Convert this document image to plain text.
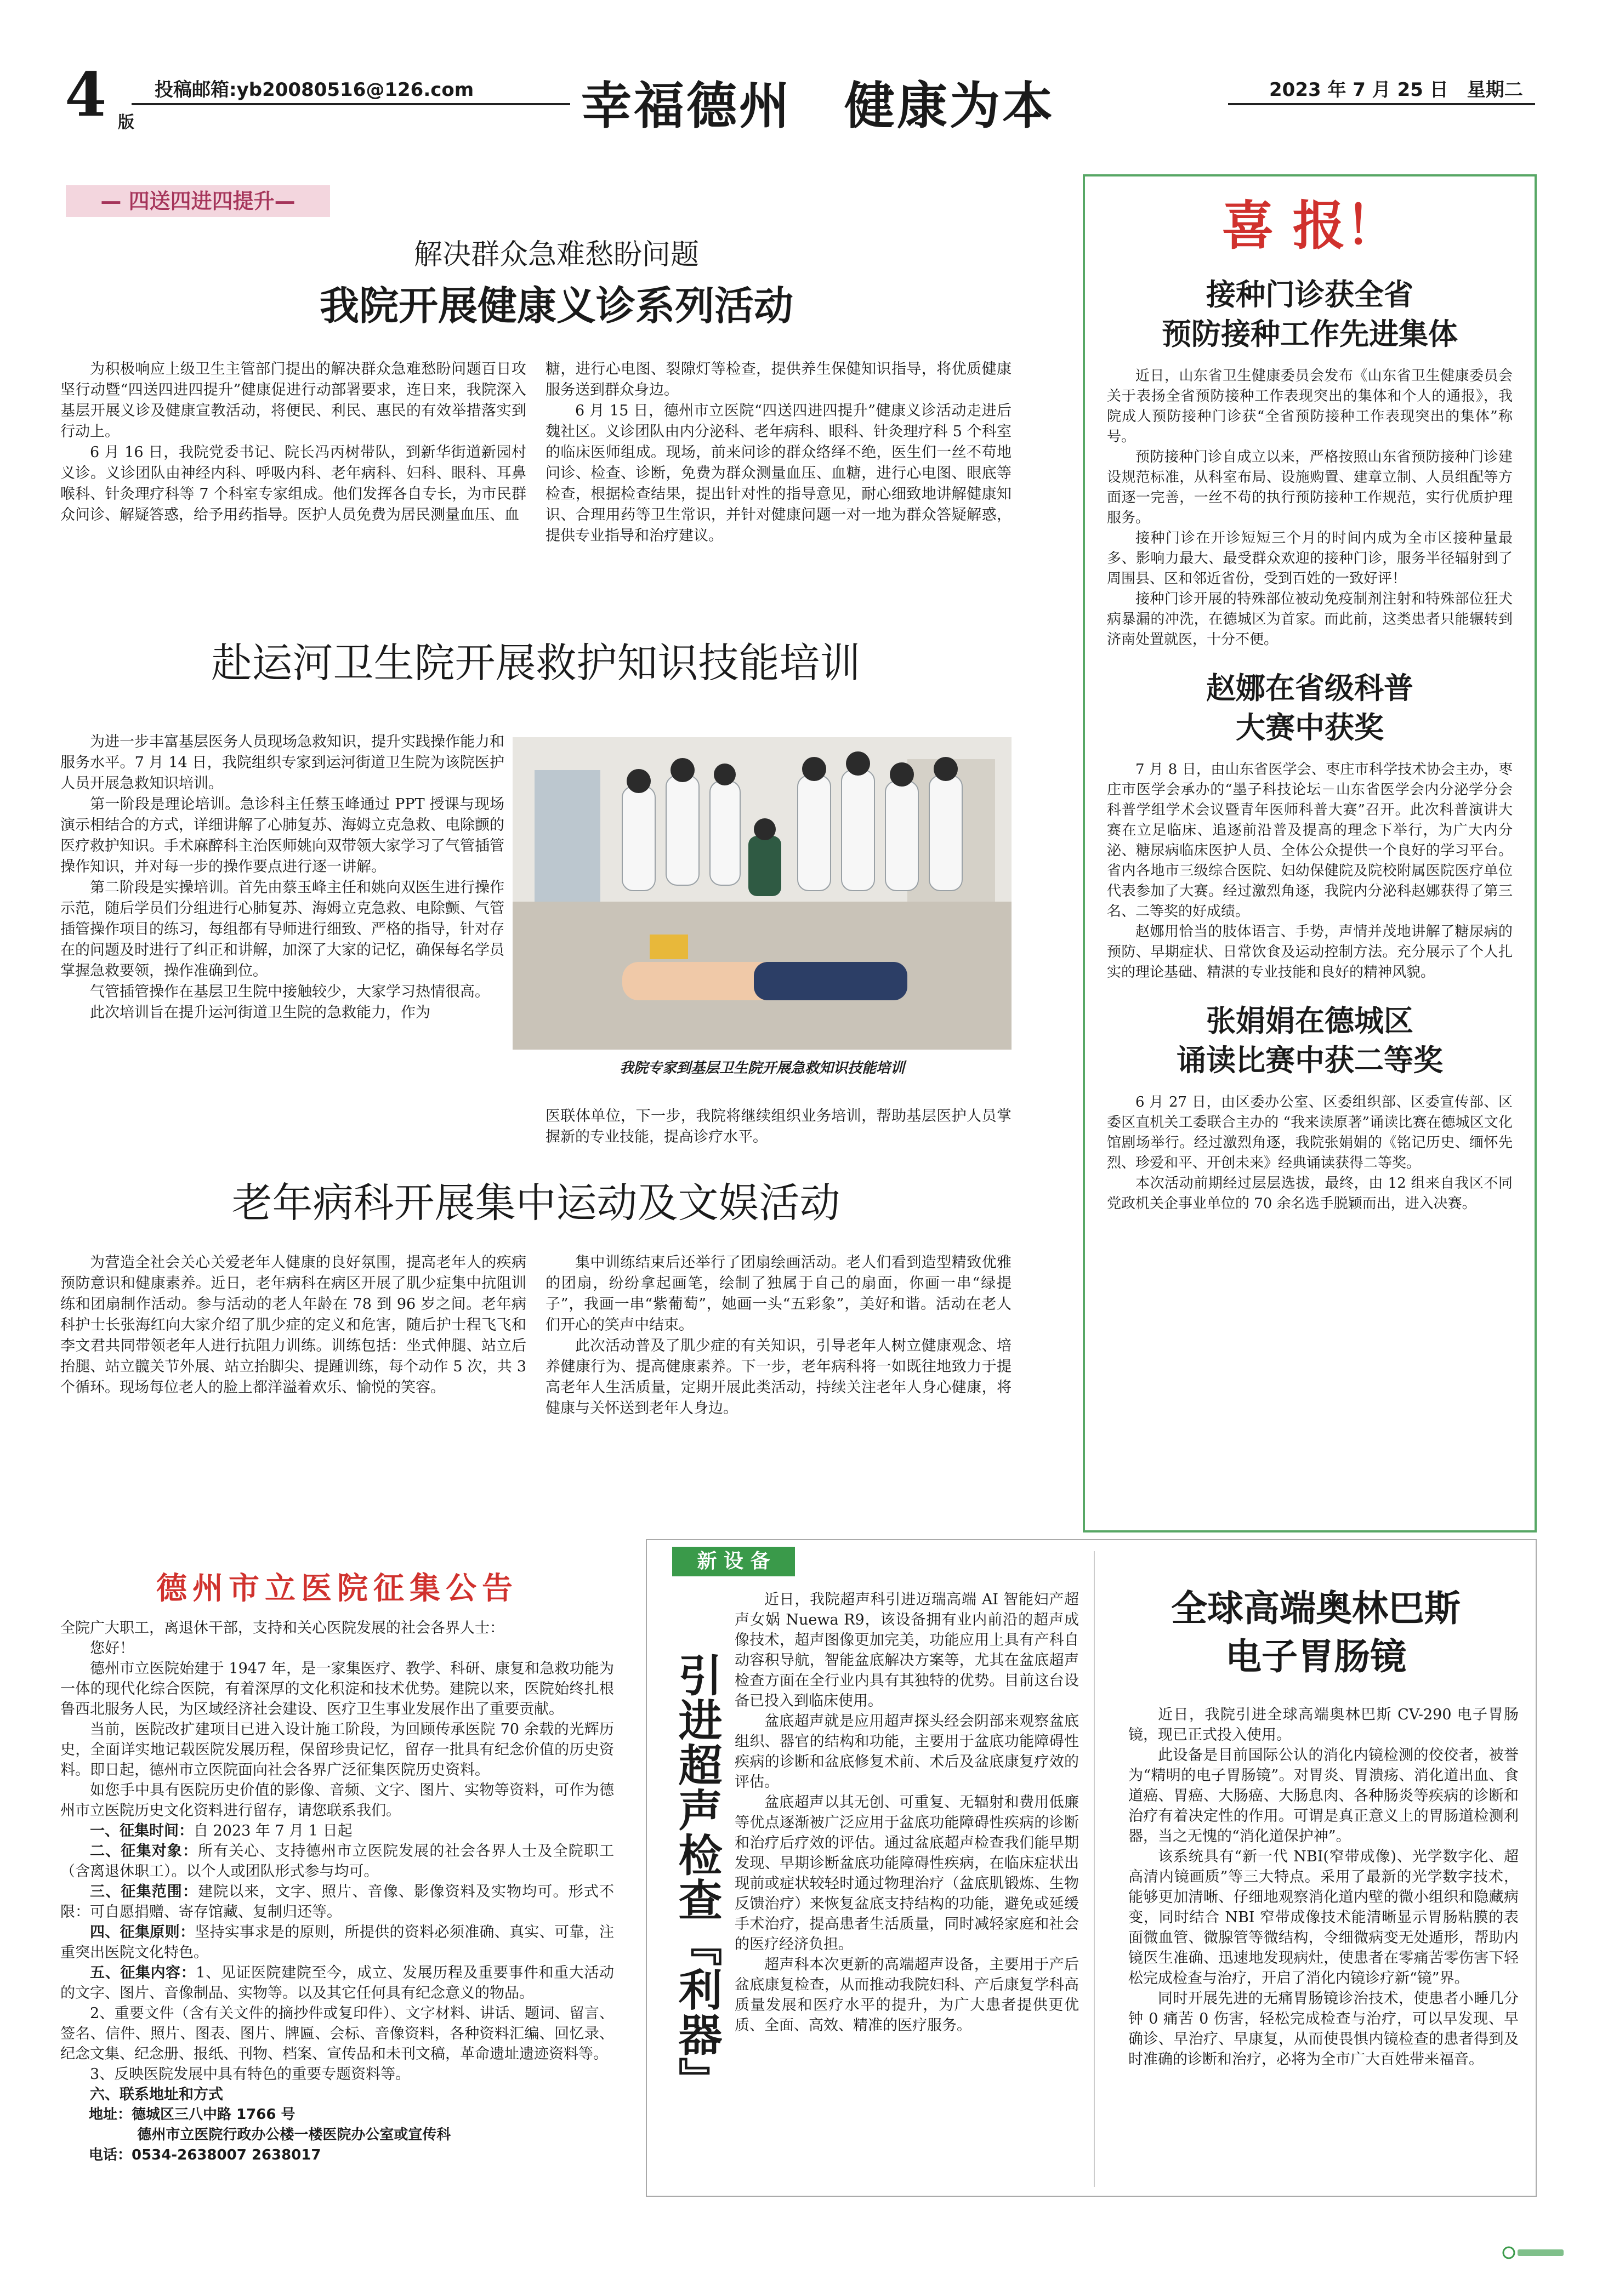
4 版
投稿邮箱:yb20080516@126.com 幸福德州　健康为本	2023 年 7 月 25 日　星期二
— 四送四进四提升—
解决群众急难愁盼问题
我院开展健康义诊系列活动

为积极响应上级卫生主管部门提出的解决群众急难愁盼问题百日攻坚行动暨“四送四进四提升”健康促进行动部署要求，连日来，我院深入基层开展义诊及健康宣教活动，将便民、利民、惠民的有效举措落实到行动上。

6 月 16 日，我院党委书记、院长冯丙树带队，到新华街道新园村义诊。义诊团队由神经内科、呼吸内科、老年病科、妇科、眼科、耳鼻喉科、针灸理疗科等 7 个科室专家组成。他们发挥各自专长，为市民群众问诊、解疑答惑，给予用药指导。医护人员免费为居民测量血压、血

糖，进行心电图、裂隙灯等检查，提供养生保健知识指导，将优质健康服务送到群众身边。

6 月 15 日，德州市立医院“四送四进四提升”健康义诊活动走进后魏社区。义诊团队由内分泌科、老年病科、眼科、针灸理疗科 5 个科室的临床医师组成。现场，前来问诊的群众络绎不绝，医生们一丝不苟地问诊、检查、诊断，免费为群众测量血压、血糖，进行心电图、眼底等检查，根据检查结果，提出针对性的指导意见，耐心细致地讲解健康知识、合理用药等卫生常识，并针对健康问题一对一地为群众答疑解惑，提供专业指导和治疗建议。

赴运河卫生院开展救护知识技能培训

为进一步丰富基层医务人员现场急救知识，提升实践操作能力和服务水平。7 月 14 日，我院组织专家到运河街道卫生院为该院医护人员开展急救知识培训。

第一阶段是理论培训。急诊科主任蔡玉峰通过 PPT 授课与现场演示相结合的方式，详细讲解了心肺复苏、海姆立克急救、电除颤的医疗救护知识。手术麻醉科主治医师姚向双带领大家学习了气管插管操作知识，并对每一步的操作要点进行逐一讲解。

第二阶段是实操培训。首先由蔡玉峰主任和姚向双医生进行操作示范，随后学员们分组进行心肺复苏、海姆立克急救、电除颤、气管插管操作项目的练习，每组都有导师进行细致、严格的指导，针对存在的问题及时进行了纠正和讲解，加深了大家的记忆，确保每名学员掌握急救要领，操作准确到位。

气管插管操作在基层卫生院中接触较少，大家学习热情很高。

此次培训旨在提升运河街道卫生院的急救能力，作为

我院专家到基层卫生院开展急救知识技能培训

医联体单位，下一步，我院将继续组织业务培训，帮助基层医护人员掌握新的专业技能，提高诊疗水平。

老年病科开展集中运动及文娱活动

为营造全社会关心关爱老年人健康的良好氛围，提高老年人的疾病预防意识和健康素养。近日，老年病科在病区开展了肌少症集中抗阻训练和团扇制作活动。参与活动的老人年龄在 78 到 96 岁之间。老年病科护士长张海红向大家介绍了肌少症的定义和危害，随后护士程飞飞和李文君共同带领老年人进行抗阻力训练。训练包括：坐式伸腿、站立后抬腿、站立髋关节外展、站立抬脚尖、提踵训练，每个动作 5 次，共 3 个循环。现场每位老人的脸上都洋溢着欢乐、愉悦的笑容。

集中训练结束后还举行了团扇绘画活动。老人们看到造型精致优雅的团扇，纷纷拿起画笔，绘制了独属于自己的扇面，你画一串“绿提子”，我画一串“紫葡萄”，她画一头“五彩象”，美好和谐。活动在老人们开心的笑声中结束。

此次活动普及了肌少症的有关知识，引导老年人树立健康观念、培养健康行为、提高健康素养。下一步，老年病科将一如既往地致力于提高老年人生活质量，定期开展此类活动，持续关注老年人身心健康，将健康与关怀送到老年人身边。

喜 报！
接种门诊获全省
预防接种工作先进集体

近日，山东省卫生健康委员会发布《山东省卫生健康委员会关于表扬全省预防接种工作表现突出的集体和个人的通报》，我院成人预防接种门诊获“全省预防接种工作表现突出的集体”称号。

预防接种门诊自成立以来，严格按照山东省预防接种门诊建设规范标准，从科室布局、设施购置、建章立制、人员组配等方面逐一完善，一丝不苟的执行预防接种工作规范，实行优质护理服务。

接种门诊在开诊短短三个月的时间内成为全市区接种量最多、影响力最大、最受群众欢迎的接种门诊，服务半径辐射到了周围县、区和邻近省份，受到百姓的一致好评！

接种门诊开展的特殊部位被动免疫制剂注射和特殊部位狂犬病暴漏的冲洗，在德城区为首家。而此前，这类患者只能辗转到济南处置就医，十分不便。

赵娜在省级科普
大赛中获奖

7 月 8 日，由山东省医学会、枣庄市科学技术协会主办，枣庄市医学会承办的“墨子科技论坛－山东省医学会内分泌学分会科普学组学术会议暨青年医师科普大赛”召开。此次科普演讲大赛在立足临床、追逐前沿普及提高的理念下举行，为广大内分泌、糖尿病临床医护人员、全体公众提供一个良好的学习平台。省内各地市三级综合医院、妇幼保健院及院校附属医院医疗单位代表参加了大赛。经过激烈角逐，我院内分泌科赵娜获得了第三名、二等奖的好成绩。

赵娜用恰当的肢体语言、手势，声情并茂地讲解了糖尿病的预防、早期症状、日常饮食及运动控制方法。充分展示了个人扎实的理论基础、精湛的专业技能和良好的精神风貌。

张娟娟在德城区
诵读比赛中获二等奖

6 月 27 日，由区委办公室、区委组织部、区委宣传部、区委区直机关工委联合主办的 “我来读原著”诵读比赛在德城区文化馆剧场举行。经过激烈角逐，我院张娟娟的《铭记历史、缅怀先烈、珍爱和平、开创未来》经典诵读获得二等奖。

本次活动前期经过层层选拔，最终，由 12 组来自我区不同党政机关企事业单位的 70 余名选手脱颖而出，进入决赛。

德州市立医院征集公告

全院广大职工，离退休干部，支持和关心医院发展的社会各界人士：

您好！

德州市立医院始建于 1947 年，是一家集医疗、教学、科研、康复和急救功能为一体的现代化综合医院，有着深厚的文化积淀和技术优势。建院以来，医院始终扎根鲁西北服务人民，为区域经济社会建设、医疗卫生事业发展作出了重要贡献。

当前，医院改扩建项目已进入设计施工阶段，为回顾传承医院 70 余载的光辉历史，全面详实地记载医院发展历程，保留珍贵记忆，留存一批具有纪念价值的历史资料。即日起，德州市立医院面向社会各界广泛征集医院历史资料。

如您手中具有医院历史价值的影像、音频、文字、图片、实物等资料，可作为德州市立医院历史文化资料进行留存，请您联系我们。

一、征集时间：自 2023 年 7 月 1 日起

二、征集对象：所有关心、支持德州市立医院发展的社会各界人士及全院职工（含离退休职工）。以个人或团队形式参与均可。

三、征集范围：建院以来，文字、照片、音像、影像资料及实物均可。形式不限：可自愿捐赠、寄存馆藏、复制归还等。

四、征集原则：坚持实事求是的原则，所提供的资料必须准确、真实、可靠，注重突出医院文化特色。

五、征集内容：1、见证医院建院至今，成立、发展历程及重要事件和重大活动的文字、图片、音像制品、实物等。以及其它任何具有纪念意义的物品。

2、重要文件（含有关文件的摘抄件或复印件）、文字材料、讲话、题词、留言、签名、信件、照片、图表、图片、牌匾、会标、音像资料，各种资料汇编、回忆录、纪念文集、纪念册、报纸、刊物、档案、宣传品和未刊文稿，革命遗址遗迹资料等。

3、反映医院发展中具有特色的重要专题资料等。

六、联系地址和方式

地址：德城区三八中路 1766 号

德州市立医院行政办公楼一楼医院办公室或宣传科

电话：0534-2638007 2638017

新 设 备
引进超声检查『利器』

近日，我院超声科引进迈瑞高端 AI 智能妇产超声女娲 Nuewa R9，该设备拥有业内前沿的超声成像技术，超声图像更加完美，功能应用上具有产科自动容积导航，智能盆底解决方案等，尤其在盆底超声检查方面在全行业内具有其独特的优势。目前这台设备已投入到临床使用。

盆底超声就是应用超声探头经会阴部来观察盆底组织、器官的结构和功能，主要用于盆底功能障碍性疾病的诊断和盆底修复术前、术后及盆底康复疗效的评估。

盆底超声以其无创、可重复、无辐射和费用低廉等优点逐渐被广泛应用于盆底功能障碍性疾病的诊断和治疗后疗效的评估。通过盆底超声检查我们能早期发现、早期诊断盆底功能障碍性疾病，在临床症状出现前或症状较轻时通过物理治疗（盆底肌锻炼、生物反馈治疗）来恢复盆底支持结构的功能，避免或延缓手术治疗，提高患者生活质量，同时减轻家庭和社会的医疗经济负担。

超声科本次更新的高端超声设备，主要用于产后盆底康复检查，从而推动我院妇科、产后康复学科高质量发展和医疗水平的提升，为广大患者提供更优质、全面、高效、精准的医疗服务。

全球高端奥林巴斯
电子胃肠镜

近日，我院引进全球高端奥林巴斯 CV-290 电子胃肠镜，现已正式投入使用。

此设备是目前国际公认的消化内镜检测的佼佼者，被誉为“精明的电子胃肠镜”。对胃炎、胃溃疡、消化道出血、食道癌、胃癌、大肠癌、大肠息肉、各种肠炎等疾病的诊断和治疗有着决定性的作用。可谓是真正意义上的胃肠道检测利器，当之无愧的“消化道保护神”。

该系统具有“新一代 NBI(窄带成像)、光学数字化、超高清内镜画质”等三大特点。采用了最新的光学数字技术，能够更加清晰、仔细地观察消化道内壁的微小组织和隐藏病变，同时结合 NBI 窄带成像技术能清晰显示胃肠粘膜的表面微血管、微腺管等微结构，令细微病变无处遁形，帮助内镜医生准确、迅速地发现病灶，使患者在零痛苦零伤害下轻松完成检查与治疗，开启了消化内镜诊疗新“镜”界。

同时开展先进的无痛胃肠镜诊治技术，使患者小睡几分钟 0 痛苦 0 伤害，轻松完成检查与治疗，可以早发现、早确诊、早治疗、早康复，从而使畏惧内镜检查的患者得到及时准确的诊断和治疗，必将为全市广大百姓带来福音。
